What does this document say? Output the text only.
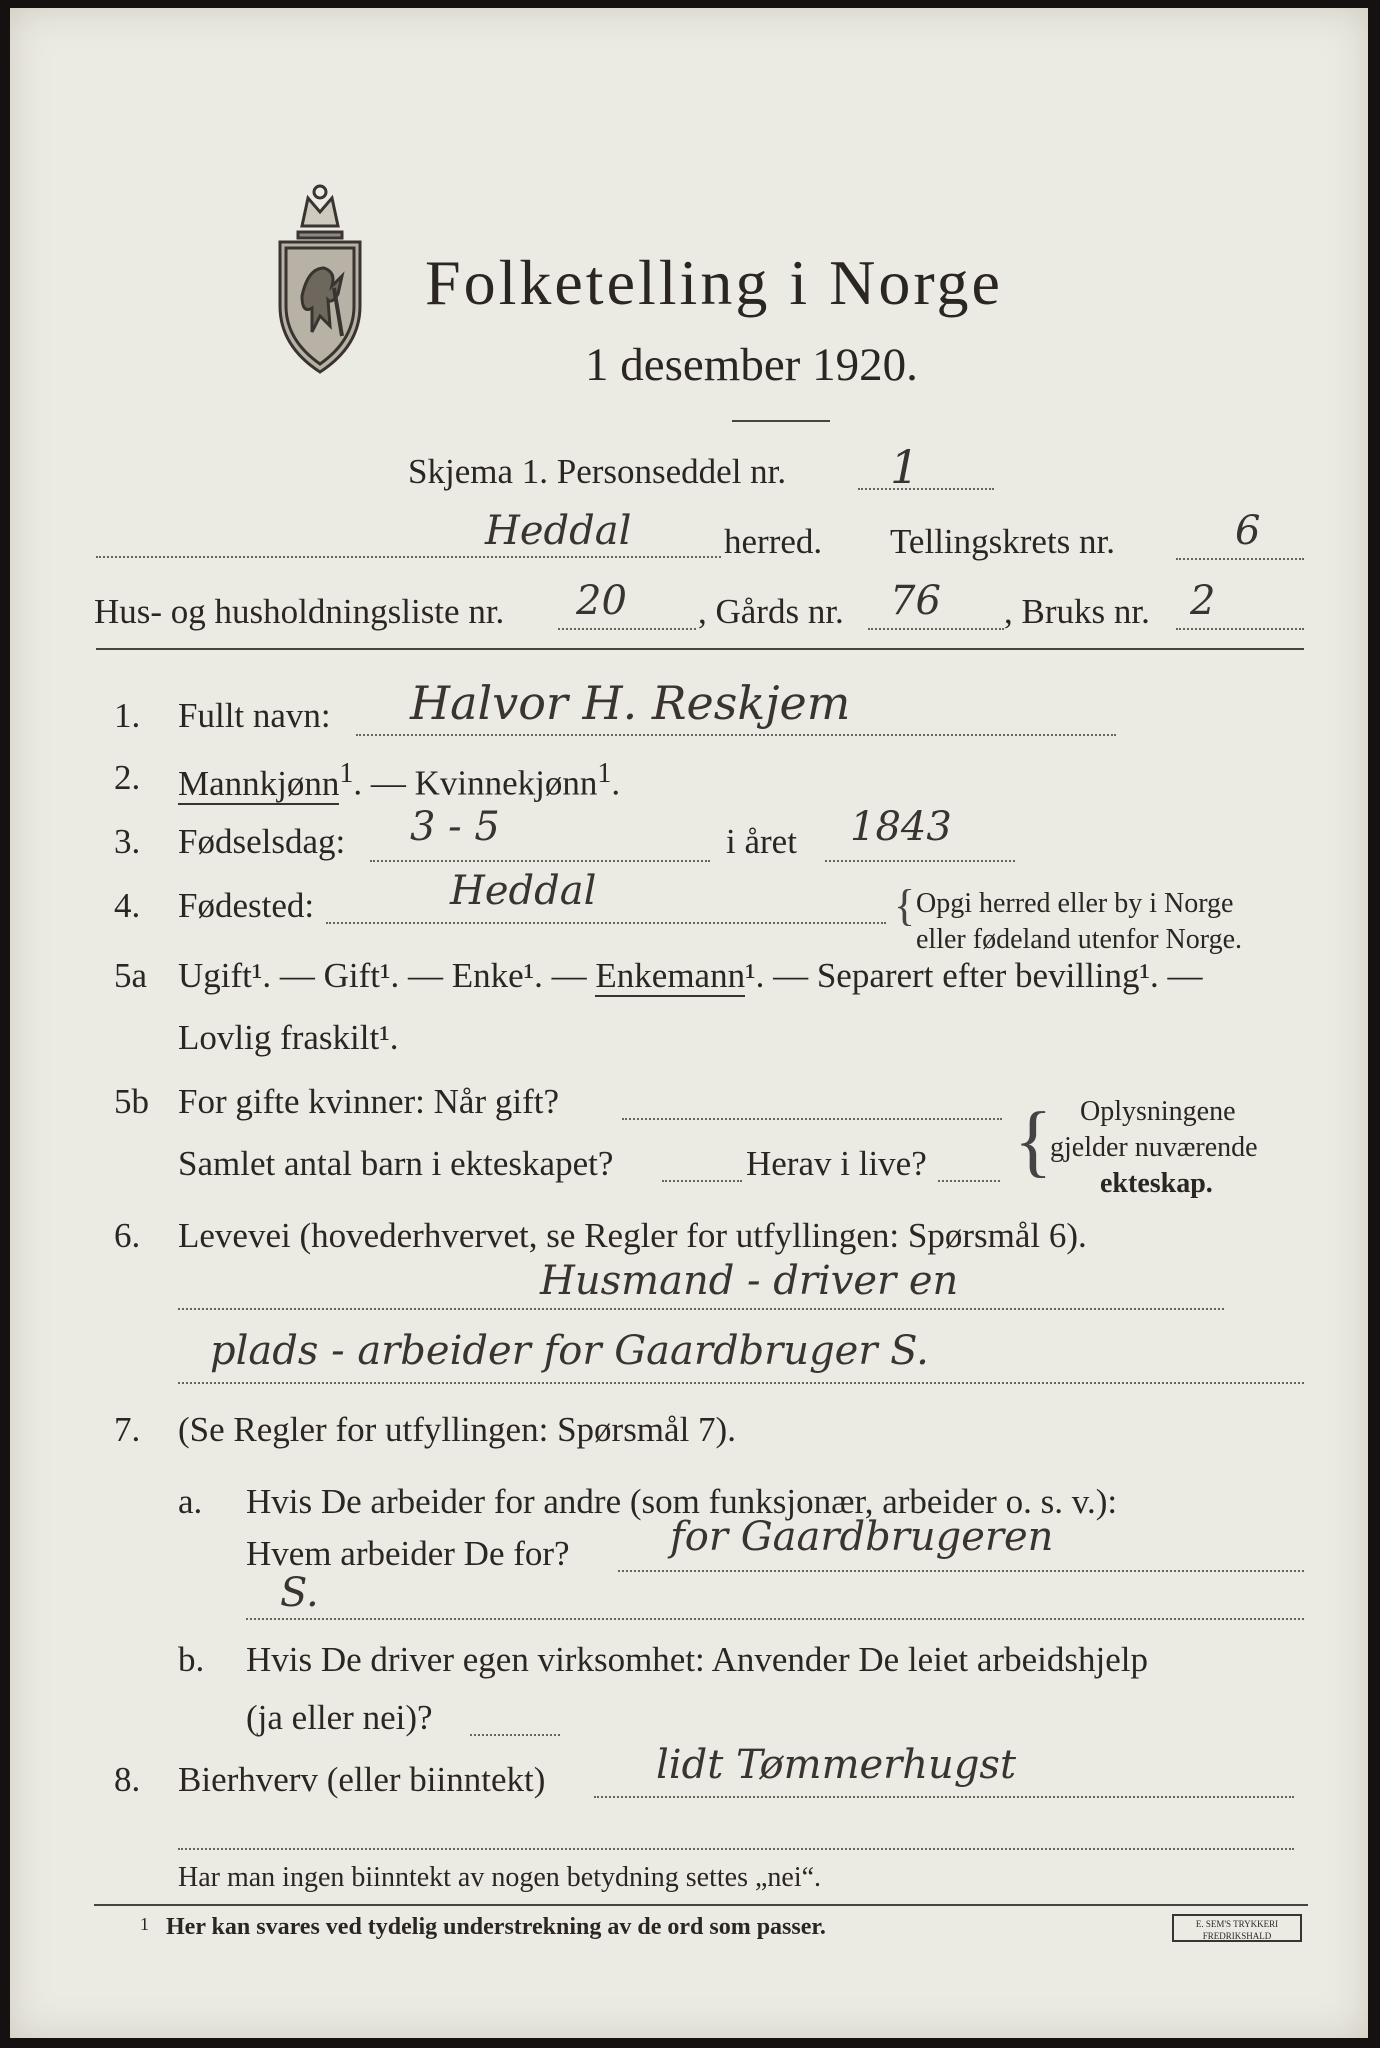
Folketelling i Norge
1 desember 1920.
Skjema 1. Personseddel nr. 1
Heddal	herred. Tellingskrets nr.	6
Hus- og husholdningsliste nr. 20 , Gårds nr. 76 , Bruks nr. 2
1. Fullt navn: Halvor H. Reskjem
2. Mannkjønn$^1$. — Kvinnekjønn$^1$.
3. Fødselsdag: 3 - 5	i året 1843
4. Fødested:	Heddal	{ Opgi herred eller by i Norge
eller fødeland utenfor Norge.
5a Ugift¹. — Gift¹. — Enke¹. — Enkemann¹. — Separert efter bevilling¹. —
Lovlig fraskilt¹.
5b For gifte kvinner: Når gift?
Samlet antal barn i ekteskapet?	Herav i live? { Oplysningene
gjelder nuværende
ekteskap.
6. Levevei (hovederhvervet, se Regler for utfyllingen: Spørsmål 6).
Husmand - driver en
plads - arbeider for Gaardbruger S.
7. (Se Regler for utfyllingen: Spørsmål 7).
a. Hvis De arbeider for andre (som funksjonær, arbeider o. s. v.):
Hvem arbeider De for?	for Gaardbrugeren
S.
b. Hvis De driver egen virksomhet: Anvender De leiet arbeidshjelp
(ja eller nei)?
8. Bierhverv (eller biinntekt)	lidt Tømmerhugst
Har man ingen biinntekt av nogen betydning settes „nei“.
1 Her kan svares ved tydelig understrekning av de ord som passer.	E. SEM'S TRYKKERI FREDRIKSHALD
